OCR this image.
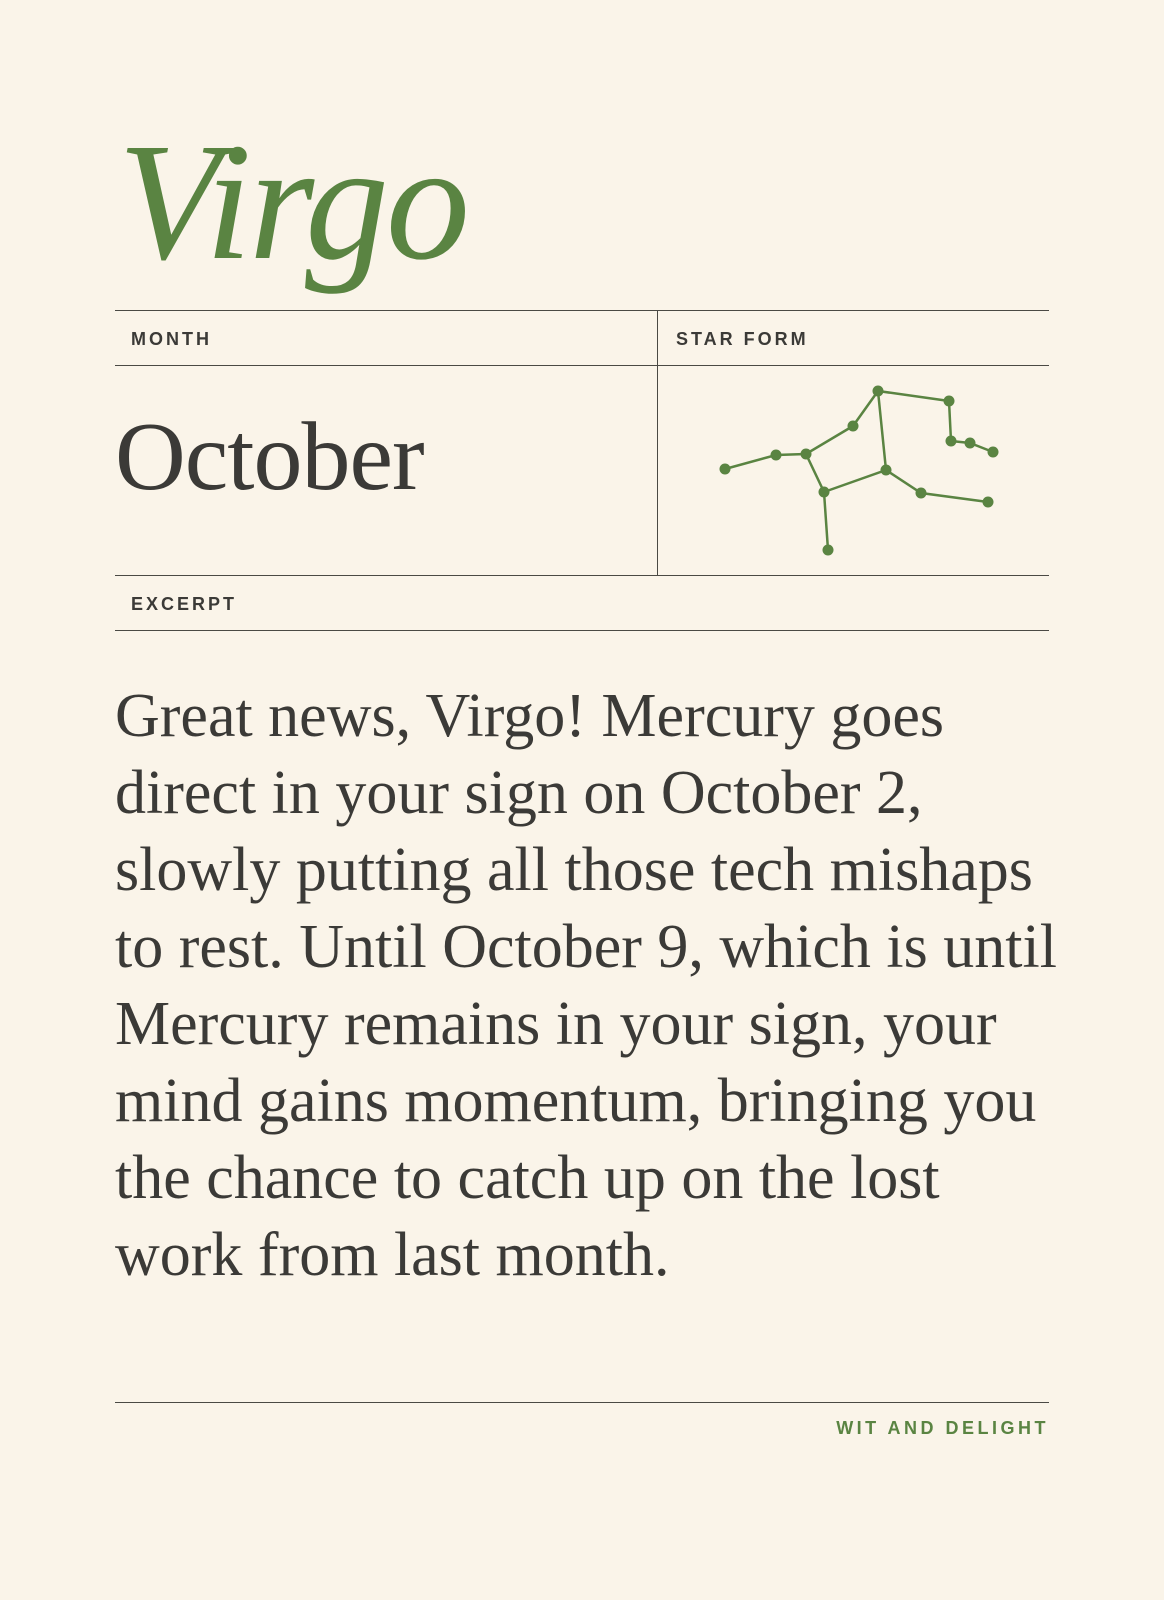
Virgo
MONTH	STAR FORM
October
EXCERPT

Great news, Virgo! Mercury goes direct in your sign on October 2, slowly putting all those tech mishaps to rest. Until October 9, which is until Mercury remains in your sign, your mind gains momentum, bringing you the chance to catch up on the lost work from last month.

WIT AND DELIGHT
